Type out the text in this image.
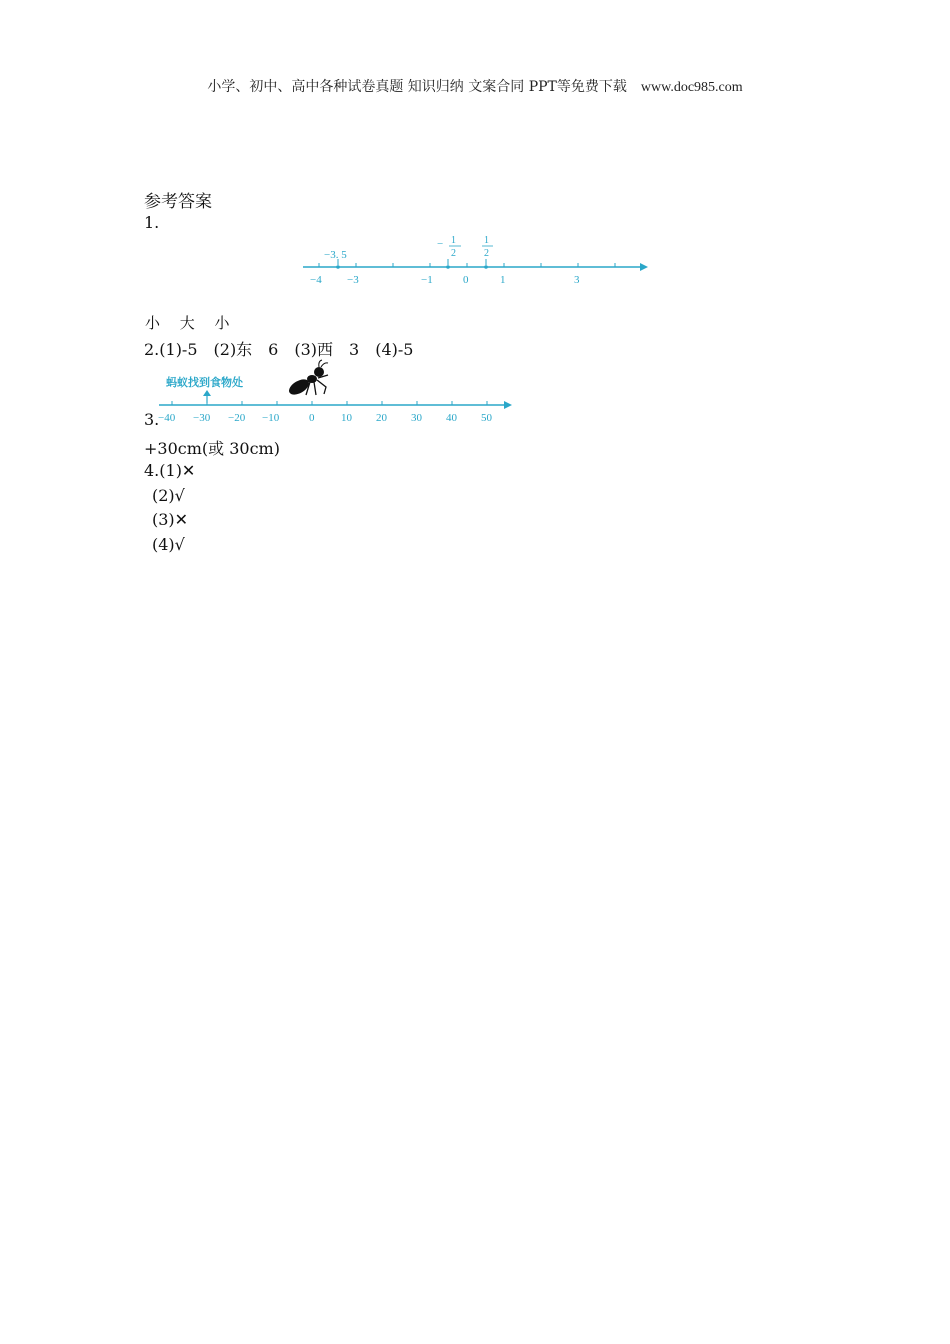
小学、初中、高中各种试卷真题 知识归纳 文案合同 PPT等免费下载 www.doc985.com
参考答案
1.
−3. 5
− 1
2
1
2
−4 −3	−1	0	1	3
小　 大　 小
2.(1)-5　(2)东　6　(3)西　3　(4)-5
蚂蚁找到食物处
−40 −30 −20 −10	0 10 20 30 40 50
3.
+30cm(或 30cm)
4.(1)✕
(2)√
(3)✕
(4)√
